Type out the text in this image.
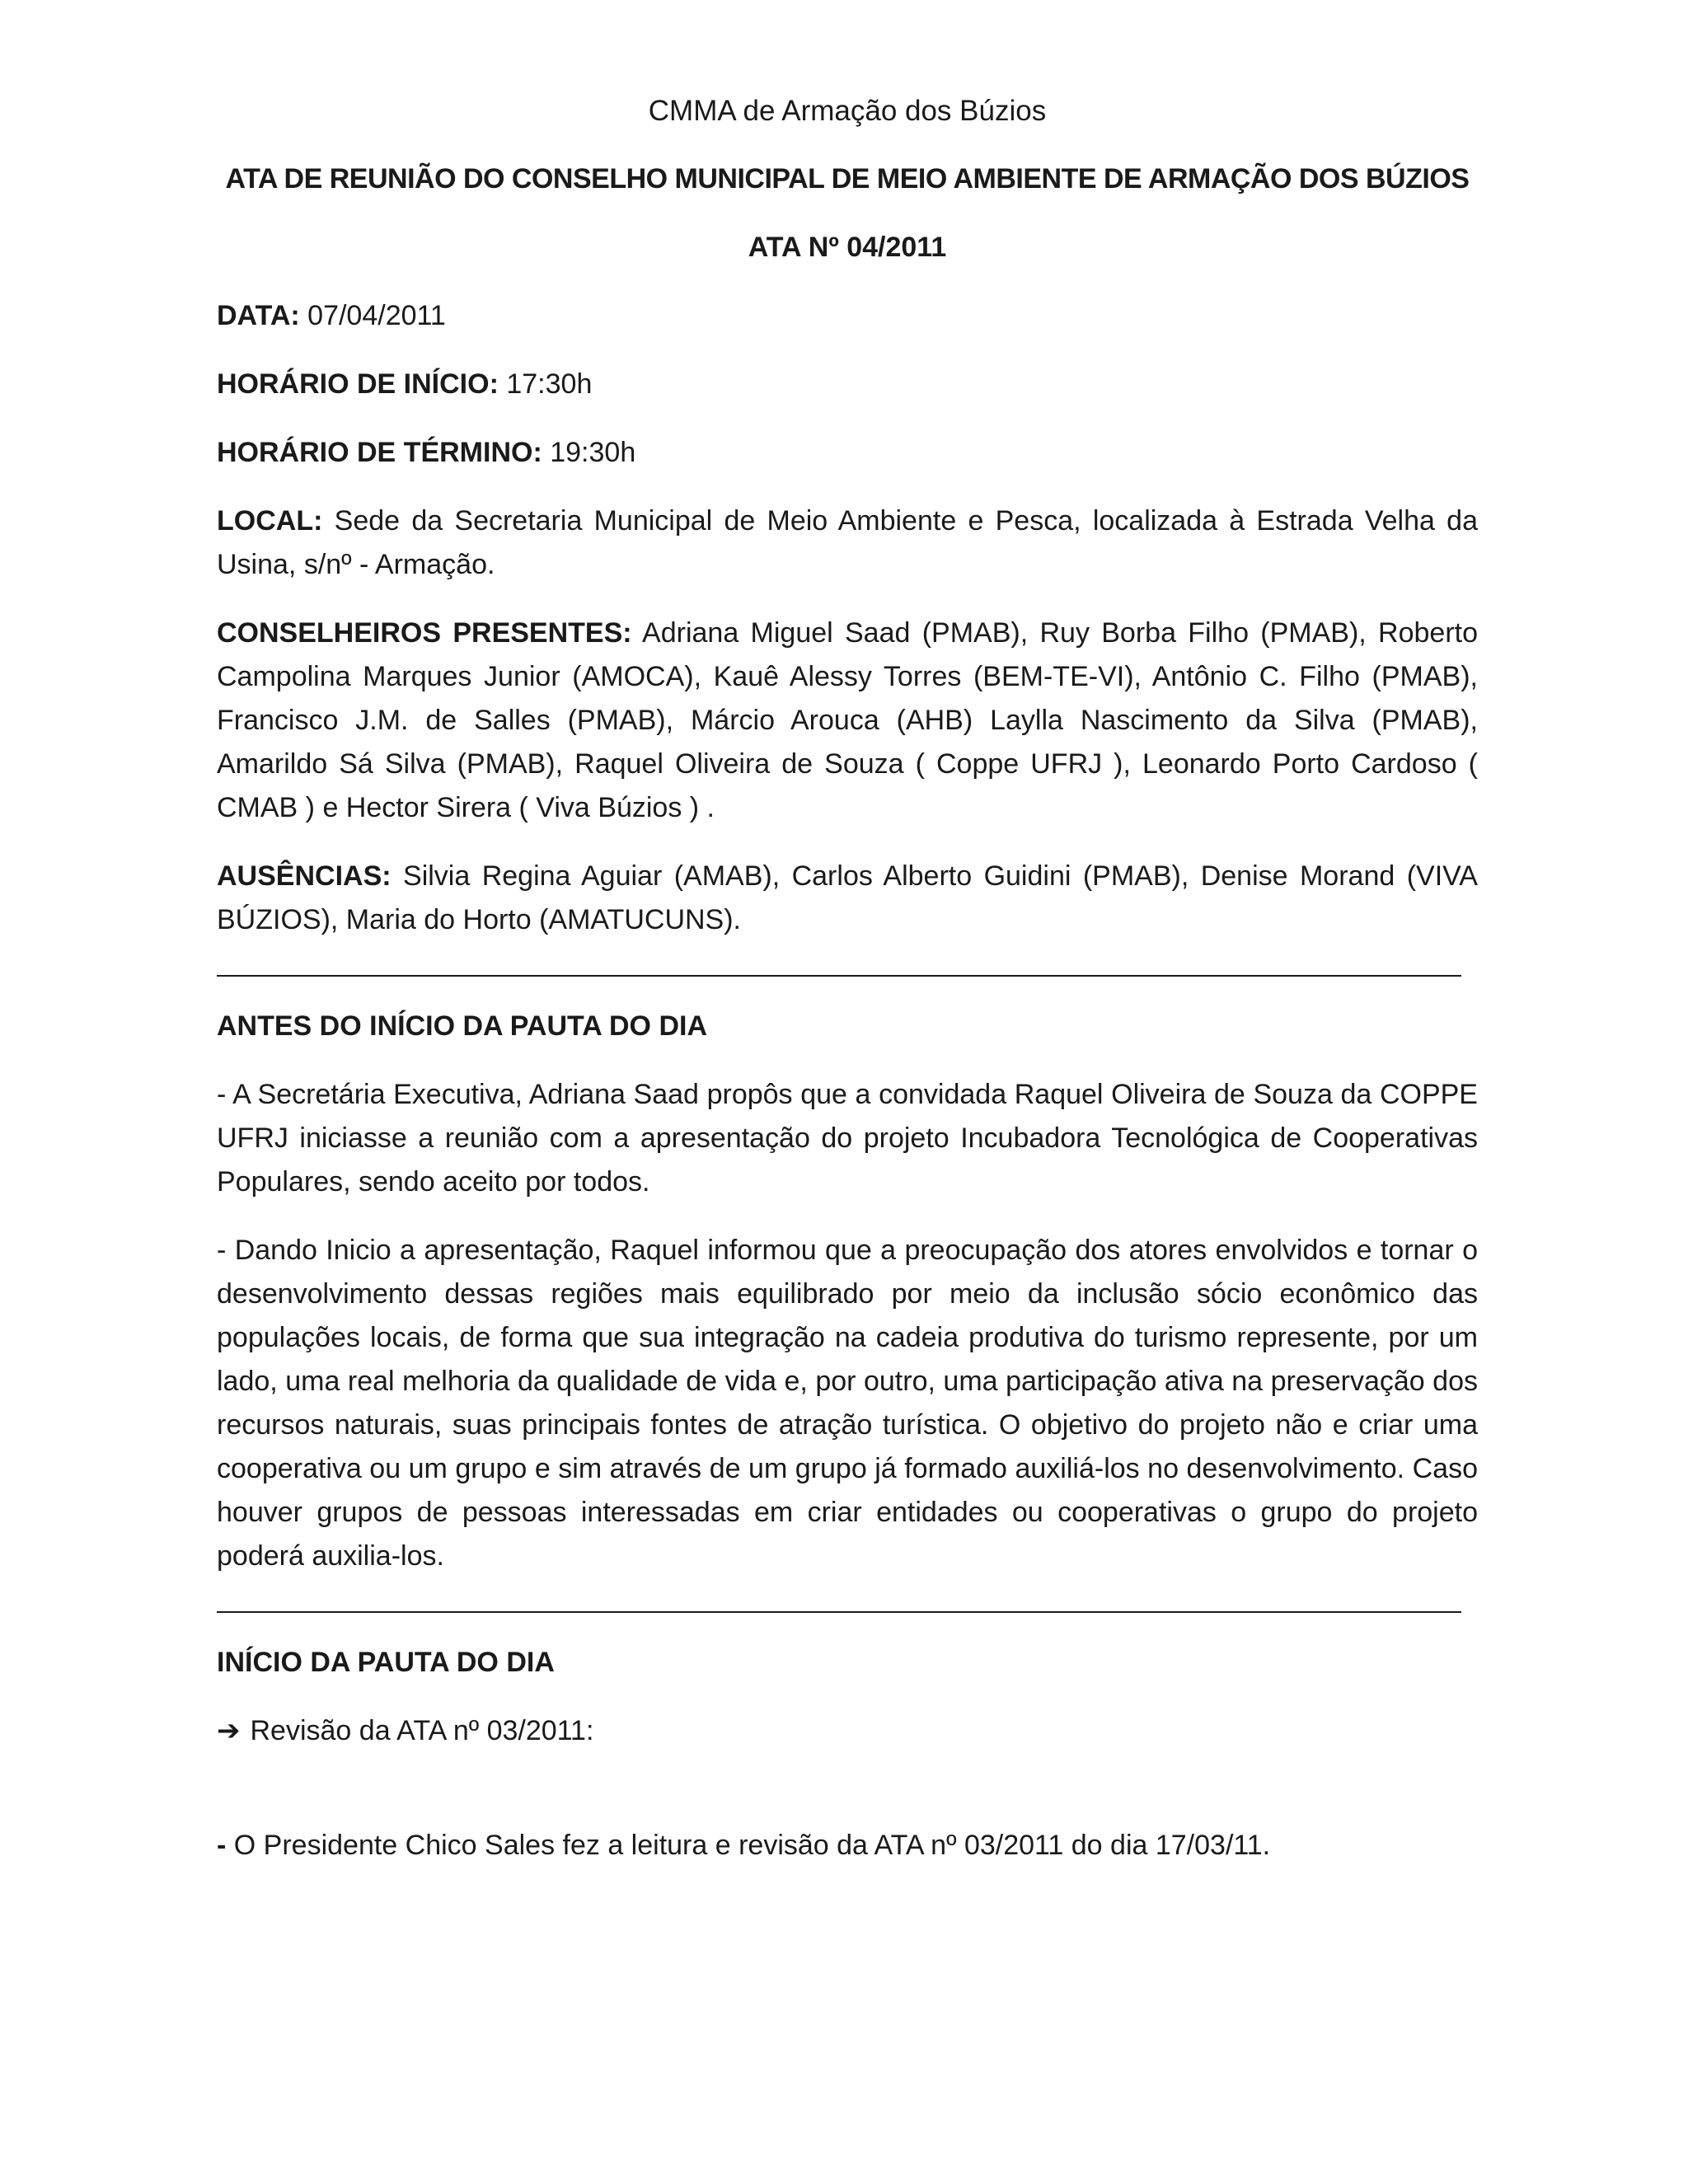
CMMA de Armação dos Búzios
ATA DE REUNIÃO DO CONSELHO MUNICIPAL DE MEIO AMBIENTE DE ARMAÇÃO DOS BÚZIOS
ATA Nº 04/2011

DATA: 07/04/2011

HORÁRIO DE INÍCIO: 17:30h

HORÁRIO DE TÉRMINO: 19:30h

LOCAL: Sede da Secretaria Municipal de Meio Ambiente e Pesca, localizada à Estrada Velha da Usina, s/nº - Armação.

CONSELHEIROS PRESENTES: Adriana Miguel Saad (PMAB), Ruy Borba Filho (PMAB), Roberto Campolina Marques Junior (AMOCA), Kauê Alessy Torres (BEM-TE-VI), Antônio C. Filho (PMAB), Francisco J.M. de Salles (PMAB), Márcio Arouca (AHB) Laylla Nascimento da Silva (PMAB), Amarildo Sá Silva (PMAB), Raquel Oliveira de Souza ( Coppe UFRJ ), Leonardo Porto Cardoso ( CMAB ) e Hector Sirera ( Viva Búzios ) .

AUSÊNCIAS: Silvia Regina Aguiar (AMAB), Carlos Alberto Guidini (PMAB), Denise Morand (VIVA BÚZIOS), Maria do Horto (AMATUCUNS).

ANTES DO INÍCIO DA PAUTA DO DIA

- A Secretária Executiva, Adriana Saad propôs que a convidada Raquel Oliveira de Souza da COPPE UFRJ iniciasse a reunião com a apresentação do projeto Incubadora Tecnológica de Cooperativas Populares, sendo aceito por todos.

- Dando Inicio a apresentação, Raquel informou que a preocupação dos atores envolvidos e tornar o desenvolvimento dessas regiões mais equilibrado por meio da inclusão sócio econômico das populações locais, de forma que sua integração na cadeia produtiva do turismo represente, por um lado, uma real melhoria da qualidade de vida e, por outro, uma participação ativa na preservação dos recursos naturais, suas principais fontes de atração turística. O objetivo do projeto não e criar uma cooperativa ou um grupo e sim através de um grupo já formado auxiliá-los no desenvolvimento. Caso houver grupos de pessoas interessadas em criar entidades ou cooperativas o grupo do projeto poderá auxilia-los.

INÍCIO DA PAUTA DO DIA

➔ Revisão da ATA nº 03/2011:

- O Presidente Chico Sales fez a leitura e revisão da ATA nº 03/2011 do dia 17/03/11.
